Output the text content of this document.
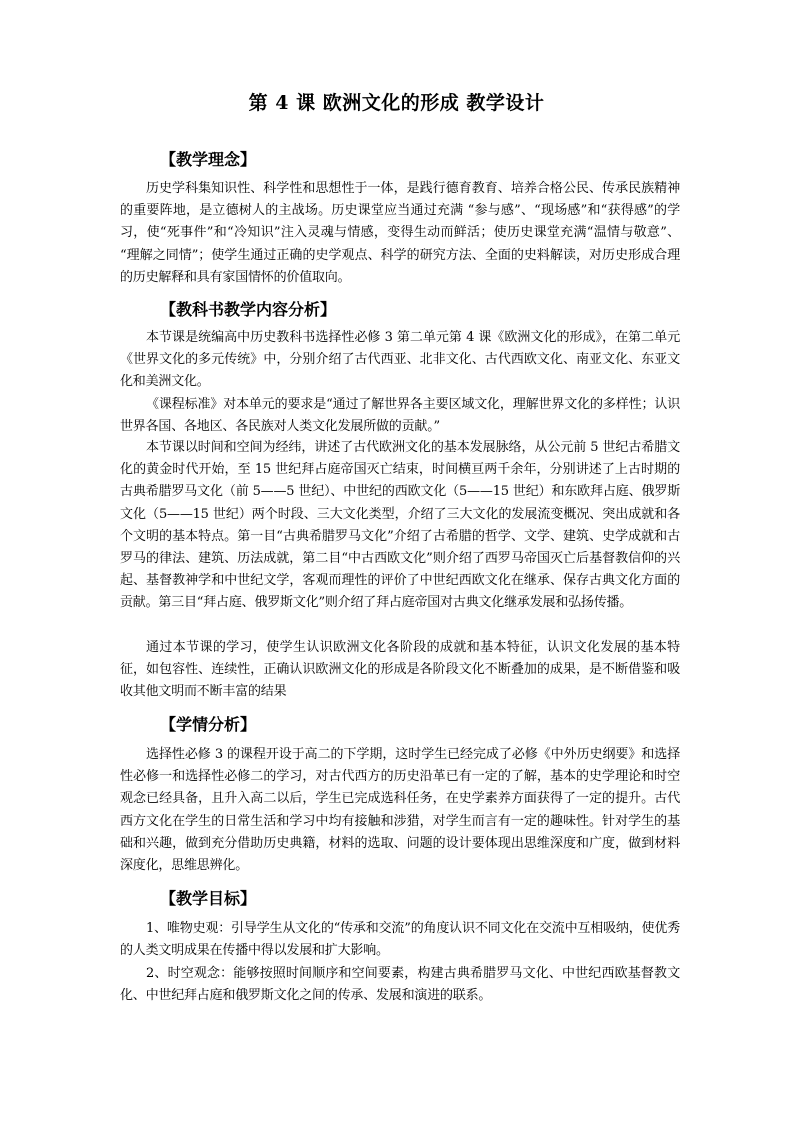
第 4 课 欧洲文化的形成 教学设计
【教学理念】

历史学科集知识性、科学性和思想性于一体，是践行德育教育、培养合格公民、传承民族精神的重要阵地，是立德树人的主战场。历史课堂应当通过充满 “参与感”、“现场感”和“获得感”的学习，使“死事件”和“冷知识”注入灵魂与情感，变得生动而鲜活；使历史课堂充满“温情与敬意”、 “理解之同情”；使学生通过正确的史学观点、科学的研究方法、全面的史料解读，对历史形成合理的历史解释和具有家国情怀的价值取向。

【教科书教学内容分析】

本节课是统编高中历史教科书选择性必修 3 第二单元第 4 课《欧洲文化的形成》，在第二单元《世界文化的多元传统》中，分别介绍了古代西亚、北非文化、古代西欧文化、南亚文化、东亚文化和美洲文化。

《课程标准》对本单元的要求是“通过了解世界各主要区域文化，理解世界文化的多样性；认识世界各国、各地区、各民族对人类文化发展所做的贡献。”

本节课以时间和空间为经纬，讲述了古代欧洲文化的基本发展脉络，从公元前 5 世纪古希腊文化的黄金时代开始，至 15 世纪拜占庭帝国灭亡结束，时间横亘两千余年，分别讲述了上古时期的古典希腊罗马文化（前 5——5 世纪）、中世纪的西欧文化（5——15 世纪）和东欧拜占庭、俄罗斯文化（5——15 世纪）两个时段、三大文化类型，介绍了三大文化的发展流变概况、突出成就和各个文明的基本特点。第一目“古典希腊罗马文化”介绍了古希腊的哲学、文学、建筑、史学成就和古罗马的律法、建筑、历法成就，第二目“中古西欧文化”则介绍了西罗马帝国灭亡后基督教信仰的兴起、基督教神学和中世纪文学，客观而理性的评价了中世纪西欧文化在继承、保存古典文化方面的贡献。第三目“拜占庭、俄罗斯文化”则介绍了拜占庭帝国对古典文化继承发展和弘扬传播。

通过本节课的学习，使学生认识欧洲文化各阶段的成就和基本特征，认识文化发展的基本特征，如包容性、连续性，正确认识欧洲文化的形成是各阶段文化不断叠加的成果，是不断借鉴和吸收其他文明而不断丰富的结果

【学情分析】

选择性必修 3 的课程开设于高二的下学期，这时学生已经完成了必修《中外历史纲要》和选择性必修一和选择性必修二的学习，对古代西方的历史沿革已有一定的了解，基本的史学理论和时空观念已经具备，且升入高二以后，学生已完成选科任务，在史学素养方面获得了一定的提升。古代西方文化在学生的日常生活和学习中均有接触和涉猎，对学生而言有一定的趣味性。针对学生的基础和兴趣，做到充分借助历史典籍，材料的选取、问题的设计要体现出思维深度和广度，做到材料深度化，思维思辨化。

【教学目标】

1、唯物史观：引导学生从文化的“传承和交流”的角度认识不同文化在交流中互相吸纳，使优秀的人类文明成果在传播中得以发展和扩大影响。

2、时空观念：能够按照时间顺序和空间要素，构建古典希腊罗马文化、中世纪西欧基督教文化、中世纪拜占庭和俄罗斯文化之间的传承、发展和演进的联系。
